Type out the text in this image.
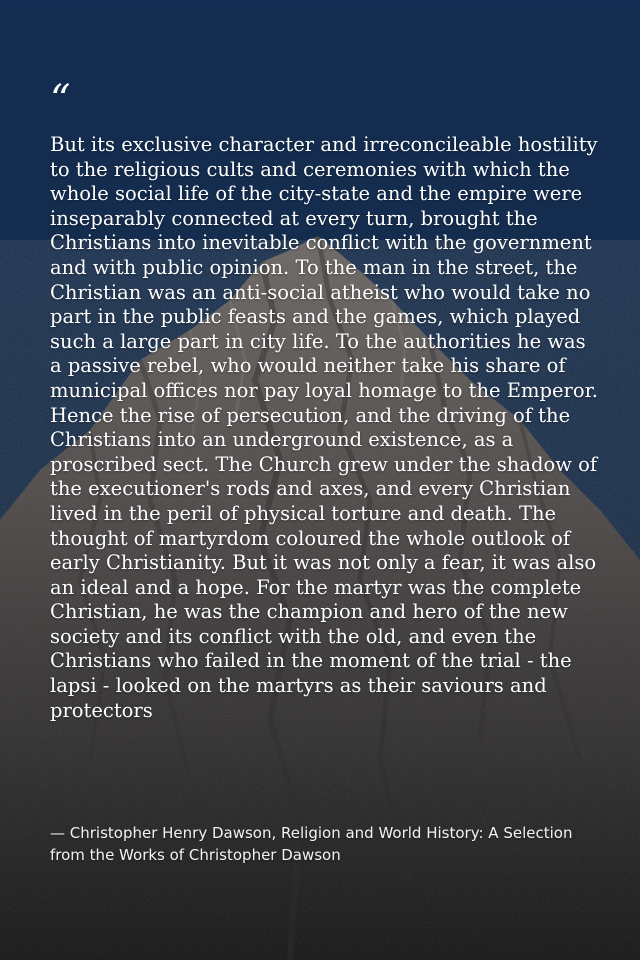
“

But its exclusive character and irreconcileable hostility to the religious cults and ceremonies with which the whole social life of the city-state and the empire were inseparably connected at every turn, brought the Christians into inevitable conflict with the government and with public opinion. To the man in the street, the Christian was an anti-social atheist who would take no part in the public feasts and the games, which played such a large part in city life. To the authorities he was a passive rebel, who would neither take his share of municipal offices nor pay loyal homage to the Emperor. Hence the rise of persecution, and the driving of the Christians into an underground existence, as a proscribed sect. The Church grew under the shadow of the executioner's rods and axes, and every Christian lived in the peril of physical torture and death. The thought of martyrdom coloured the whole outlook of early Christianity. But it was not only a fear, it was also an ideal and a hope. For the martyr was the complete Christian, he was the champion and hero of the new society and its conflict with the old, and even the Christians who failed in the moment of the trial - the lapsi - looked on the martyrs as their saviours and protectors

— Christopher Henry Dawson, Religion and World History: A Selection from the Works of Christopher Dawson
